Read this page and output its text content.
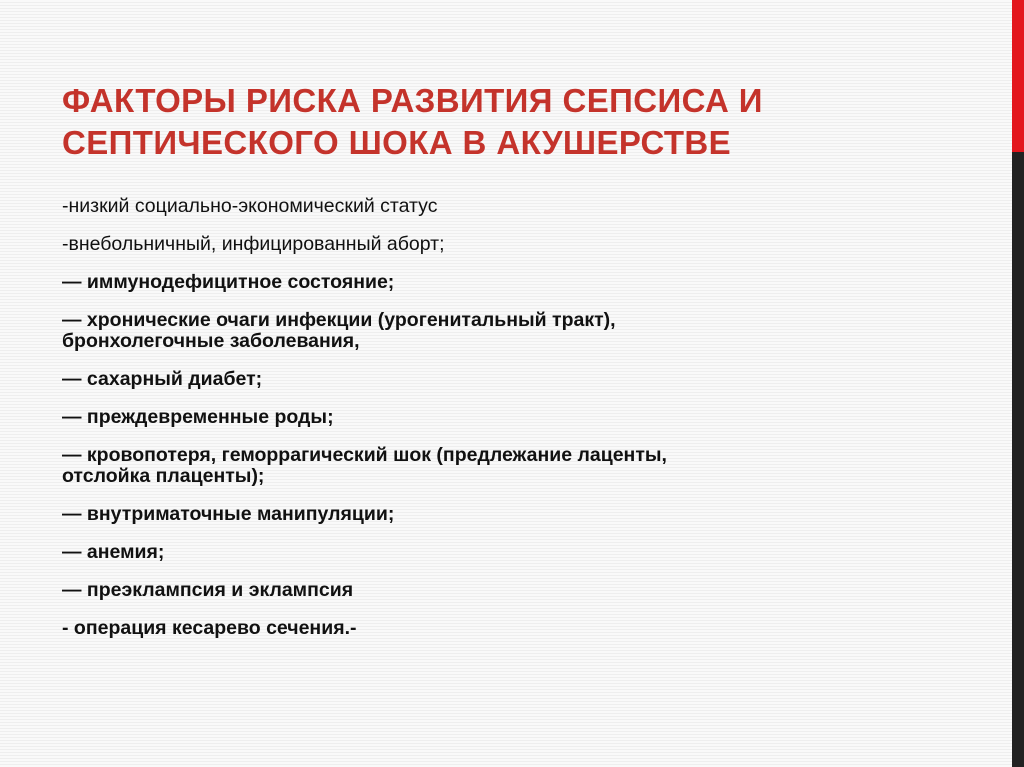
ФАКТОРЫ РИСКА РАЗВИТИЯ СЕПСИСА И
СЕПТИЧЕСКОГО ШОКА В АКУШЕРСТВЕ
-низкий социально-экономический статус
-внебольничный, инфицированный аборт;
— иммунодефицитное состояние;
— хронические очаги инфекции (урогенитальный тракт),
бронхолегочные заболевания,
— сахарный диабет;
— преждевременные роды;
— кровопотеря, геморрагический шок (предлежание лаценты,
отслойка плаценты);
— внутриматочные манипуляции;
— анемия;
— преэклампсия и эклампсия
- операция кесарево сечения.-
